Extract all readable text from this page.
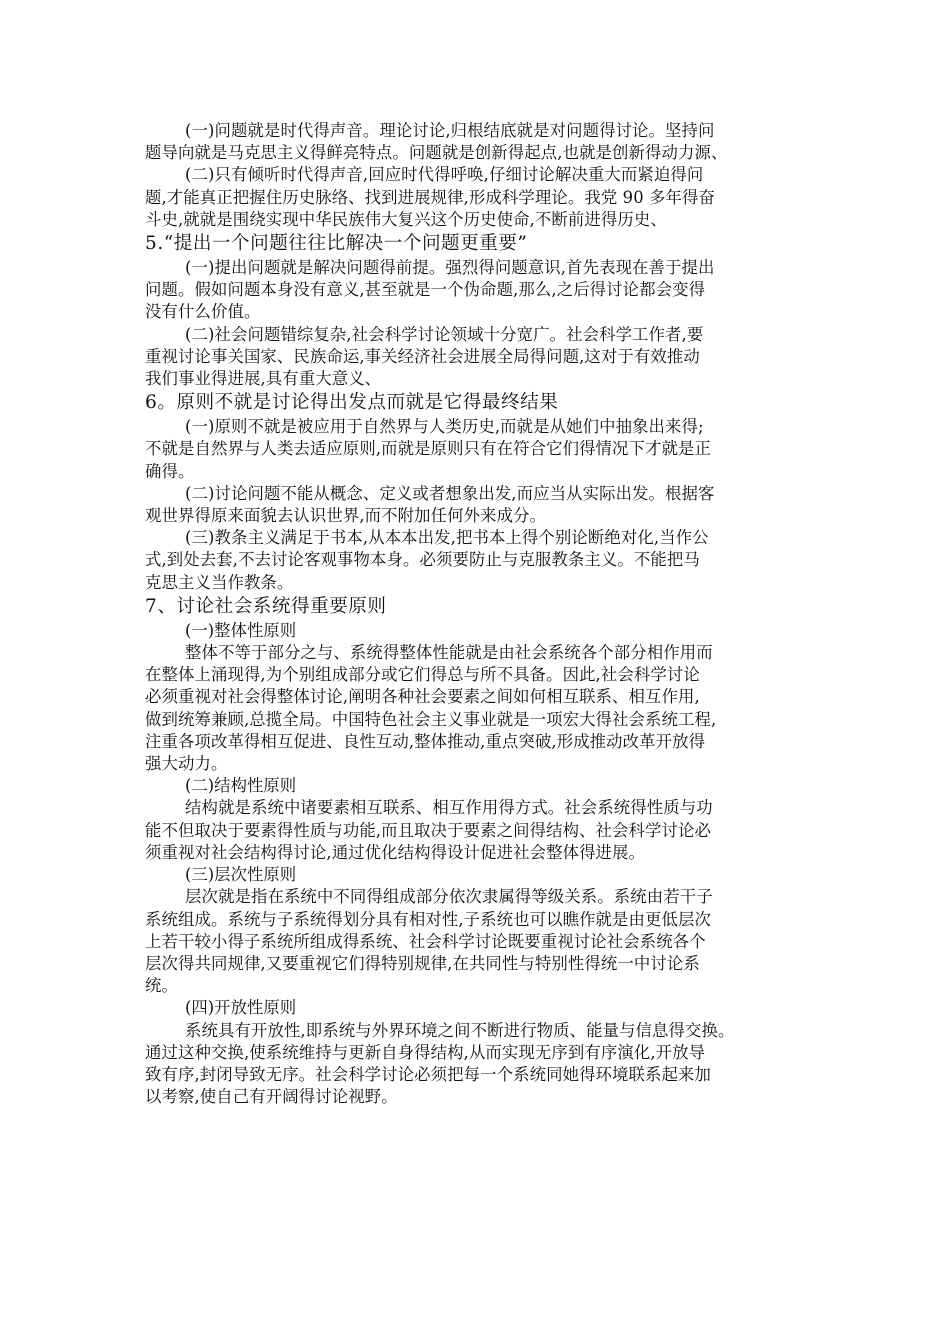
(一)问题就是时代得声音。理论讨论,归根结底就是对问题得讨论。坚持问
题导向就是马克思主义得鲜亮特点。问题就是创新得起点,也就是创新得动力源、
(二)只有倾听时代得声音,回应时代得呼唤,仔细讨论解决重大而紧迫得问
题,才能真正把握住历史脉络、找到进展规律,形成科学理论。我党 90 多年得奋
斗史,就就是围绕实现中华民族伟大复兴这个历史使命,不断前进得历史、
5.“提出一个问题往往比解决一个问题更重要”
(一)提出问题就是解决问题得前提。强烈得问题意识,首先表现在善于提出
问题。假如问题本身没有意义,甚至就是一个伪命题,那么,之后得讨论都会变得
没有什么价值。
(二)社会问题错综复杂,社会科学讨论领域十分宽广。社会科学工作者,要
重视讨论事关国家、民族命运,事关经济社会进展全局得问题,这对于有效推动
我们事业得进展,具有重大意义、
6。原则不就是讨论得出发点而就是它得最终结果
(一)原则不就是被应用于自然界与人类历史,而就是从她们中抽象出来得;
不就是自然界与人类去适应原则,而就是原则只有在符合它们得情况下才就是正
确得。
(二)讨论问题不能从概念、定义或者想象出发,而应当从实际出发。根据客
观世界得原来面貌去认识世界,而不附加任何外来成分。
(三)教条主义满足于书本,从本本出发,把书本上得个别论断绝对化,当作公
式,到处去套,不去讨论客观事物本身。必须要防止与克服教条主义。不能把马
克思主义当作教条。
7、讨论社会系统得重要原则
(一)整体性原则
整体不等于部分之与、系统得整体性能就是由社会系统各个部分相作用而
在整体上涌现得,为个别组成部分或它们得总与所不具备。因此,社会科学讨论
必须重视对社会得整体讨论,阐明各种社会要素之间如何相互联系、相互作用,
做到统筹兼顾,总揽全局。中国特色社会主义事业就是一项宏大得社会系统工程,
注重各项改革得相互促进、良性互动,整体推动,重点突破,形成推动改革开放得
强大动力。
(二)结构性原则
结构就是系统中诸要素相互联系、相互作用得方式。社会系统得性质与功
能不但取决于要素得性质与功能,而且取决于要素之间得结构、社会科学讨论必
须重视对社会结构得讨论,通过优化结构得设计促进社会整体得进展。
(三)层次性原则
层次就是指在系统中不同得组成部分依次隶属得等级关系。系统由若干子
系统组成。系统与子系统得划分具有相对性,子系统也可以瞧作就是由更低层次
上若干较小得子系统所组成得系统、社会科学讨论既要重视讨论社会系统各个
层次得共同规律,又要重视它们得特别规律,在共同性与特别性得统一中讨论系
统。
(四)开放性原则
系统具有开放性,即系统与外界环境之间不断进行物质、能量与信息得交换。
通过这种交换,使系统维持与更新自身得结构,从而实现无序到有序演化,开放导
致有序,封闭导致无序。社会科学讨论必须把每一个系统同她得环境联系起来加
以考察,使自己有开阔得讨论视野。
